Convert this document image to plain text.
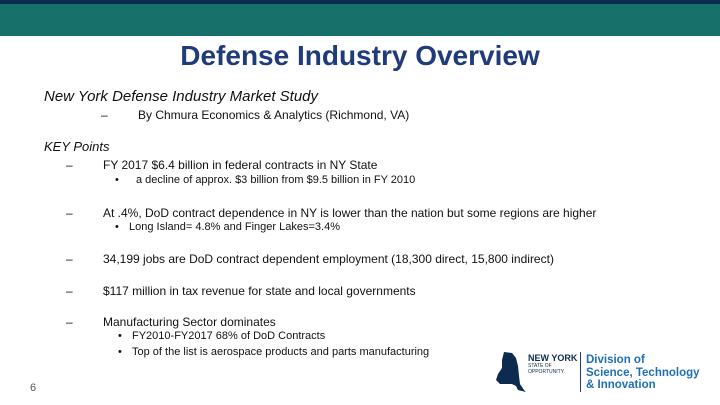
Defense Industry Overview
New York Defense Industry Market Study
–	By Chmura Economics & Analytics (Richmond, VA)
KEY Points
–	FY 2017 $6.4 billion in federal contracts in NY State
• a decline of approx. $3 billion from $9.5 billion in FY 2010
–	At .4%, DoD contract dependence in NY is lower than the nation but some regions are higher
• Long Island= 4.8% and Finger Lakes=3.4%
–	34,199 jobs are DoD contract dependent employment (18,300 direct, 15,800 indirect)
–	$117 million in tax revenue for state and local governments
–	Manufacturing Sector dominates
• FY2010-FY2017 68% of DoD Contracts
• Top of the list is aerospace products and parts manufacturing
6
NEW YORK
STATE OF
OPPORTUNITY.
Division of
Science, Technology
& Innovation
